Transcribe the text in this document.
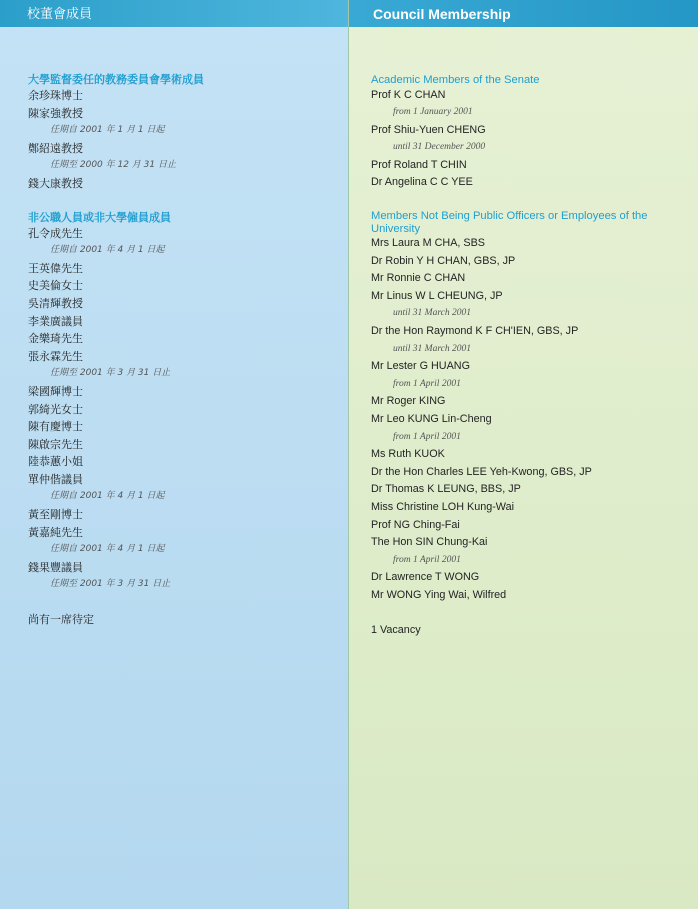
校董會成員
大學監督委任的教務委員會學術成員
余珍珠博士
陳家強教授
任期自 2001 年 1 月 1 日起
鄭紹遠教授
任期至 2000 年 12 月 31 日止
錢大康教授
非公職人員或非大學僱員成員
孔令成先生
任期自 2001 年 4 月 1 日起
王英偉先生
史美倫女士
吳清輝教授
李業廣議員
金樂琦先生
張永霖先生
任期至 2001 年 3 月 31 日止
梁國輝博士
郭綺光女士
陳有慶博士
陳啟宗先生
陸恭蕙小姐
單仲偕議員
任期自 2001 年 4 月 1 日起
黃至剛博士
黃嘉純先生
任期自 2001 年 4 月 1 日起
錢果豐議員
任期至 2001 年 3 月 31 日止
尚有一席待定
Council Membership
Academic Members of the Senate
Prof K C CHAN
from 1 January 2001
Prof Shiu-Yuen CHENG
until 31 December 2000
Prof Roland T CHIN
Dr Angelina C C YEE
Members Not Being Public Officers or Employees of the University
Mrs Laura M CHA, SBS
Dr Robin Y H CHAN, GBS, JP
Mr Ronnie C CHAN
Mr Linus W L CHEUNG, JP
until 31 March 2001
Dr the Hon Raymond K F CH'IEN, GBS, JP
until 31 March 2001
Mr Lester G HUANG
from 1 April 2001
Mr Roger KING
Mr Leo KUNG Lin-Cheng
from 1 April 2001
Ms Ruth KUOK
Dr the Hon Charles LEE Yeh-Kwong, GBS, JP
Dr Thomas K LEUNG, BBS, JP
Miss Christine LOH Kung-Wai
Prof NG Ching-Fai
The Hon SIN Chung-Kai
from 1 April 2001
Dr Lawrence T WONG
Mr WONG Ying Wai, Wilfred
1 Vacancy
